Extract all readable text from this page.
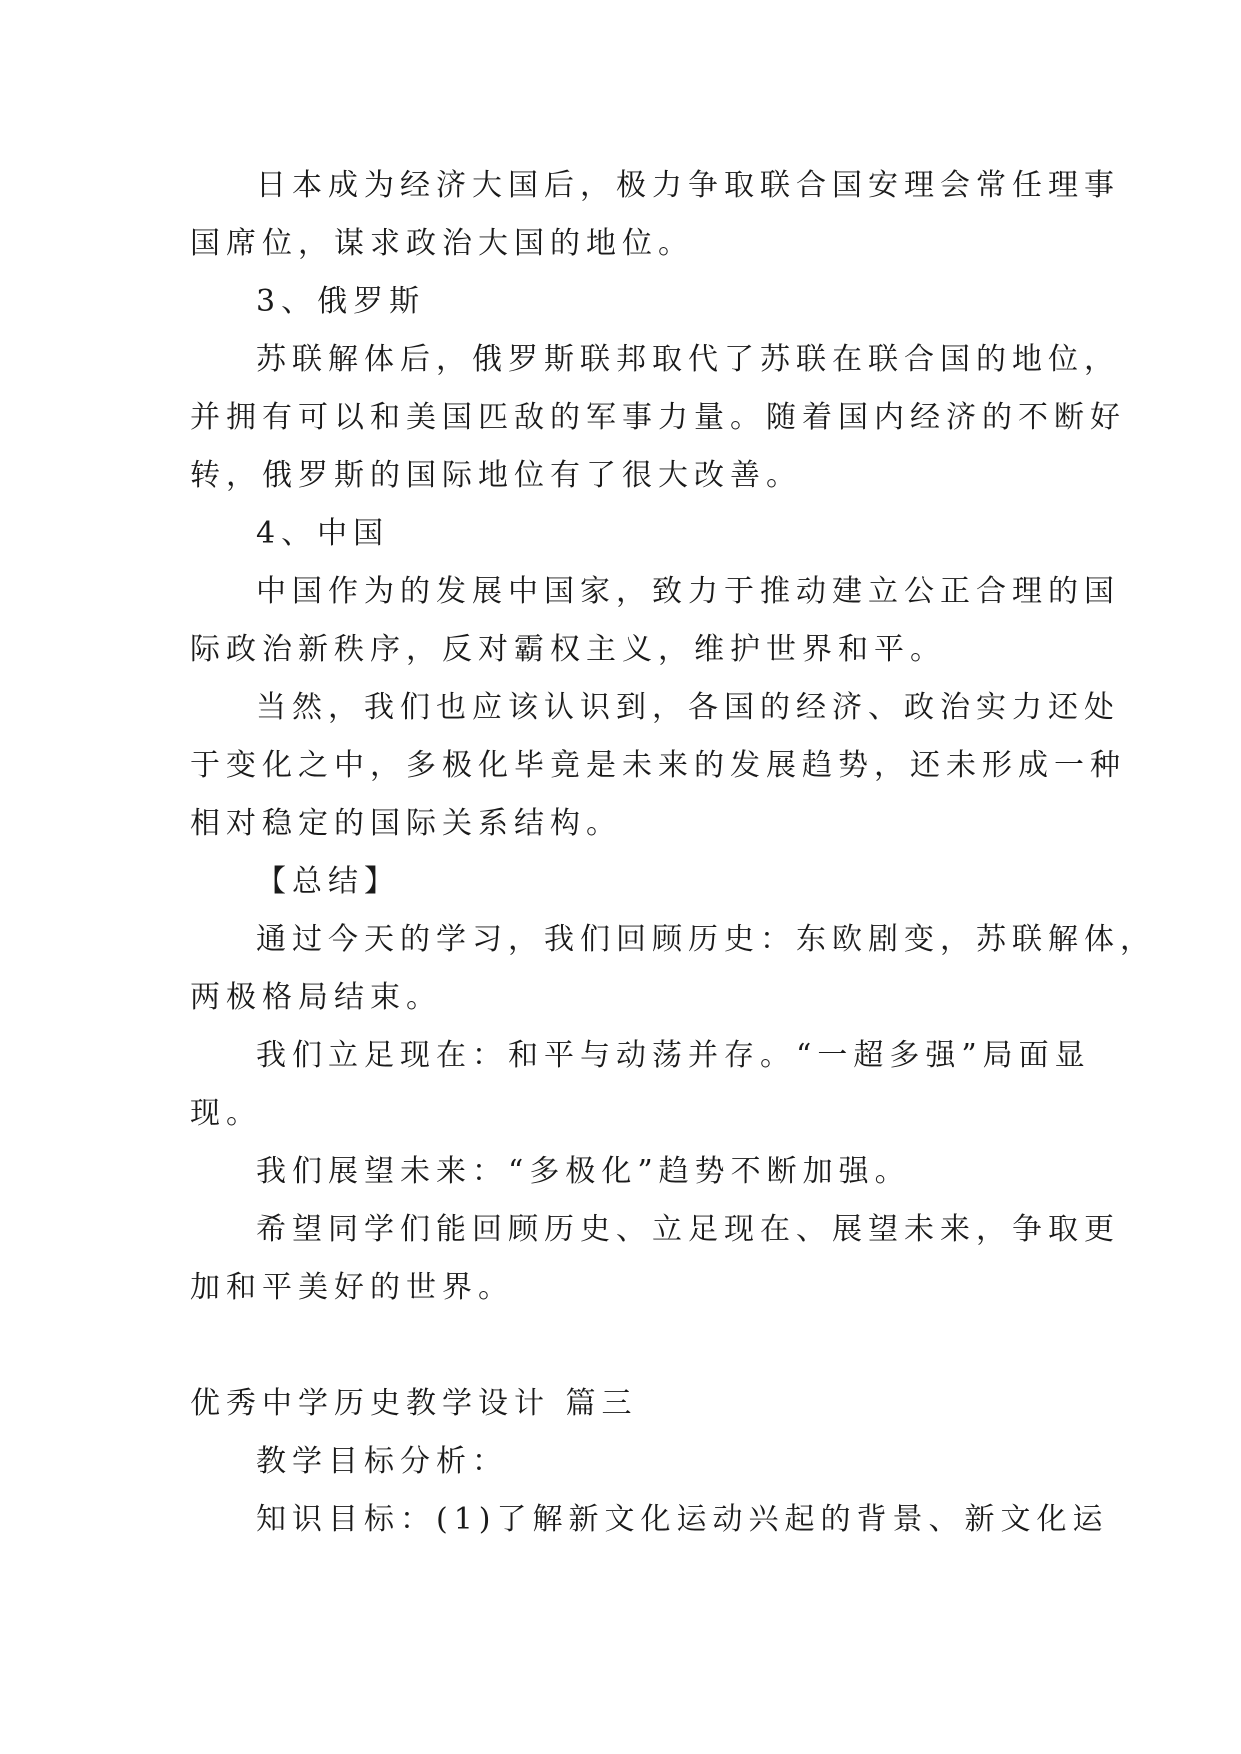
日本成为经济大国后，极力争取联合国安理会常任理事
国席位，谋求政治大国的地位。
3、俄罗斯
苏联解体后，俄罗斯联邦取代了苏联在联合国的地位，
并拥有可以和美国匹敌的军事力量。随着国内经济的不断好
转，俄罗斯的国际地位有了很大改善。
4、中国
中国作为的发展中国家，致力于推动建立公正合理的国
际政治新秩序，反对霸权主义，维护世界和平。
当然，我们也应该认识到，各国的经济、政治实力还处
于变化之中，多极化毕竟是未来的发展趋势，还未形成一种
相对稳定的国际关系结构。
【总结】
通过今天的学习，我们回顾历史：东欧剧变，苏联解体，
两极格局结束。
我们立足现在：和平与动荡并存。“一超多强”局面显
现。
我们展望未来：“多极化”趋势不断加强。
希望同学们能回顾历史、立足现在、展望未来，争取更
加和平美好的世界。
优秀中学历史教学设计 篇三
教学目标分析：
知识目标：(1)了解新文化运动兴起的背景、新文化运
